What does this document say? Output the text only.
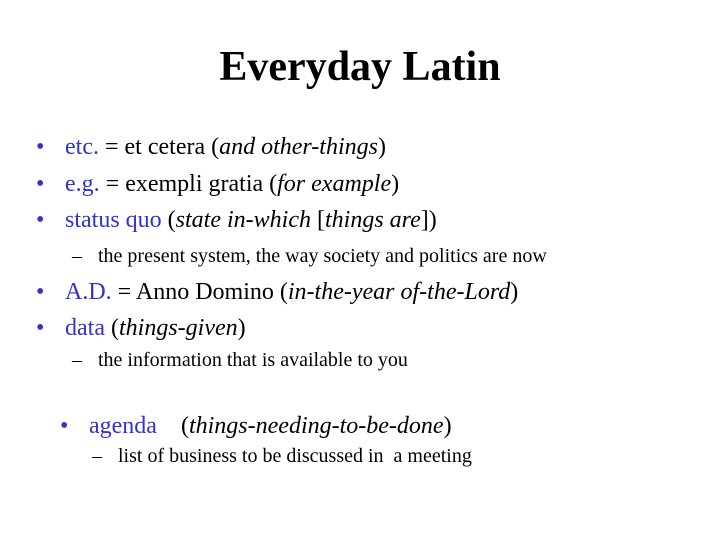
Everyday Latin

• etc. = et cetera (and other-things)

• e.g. = exempli gratia (for example)

• status quo (state in-which [things are])

– the present system, the way society and politics are now

• A.D. = Anno Domino (in-the-year of-the-Lord)

• data (things-given)

– the information that is available to you

• agenda    (things-needing-to-be-done)

– list of business to be discussed in  a meeting
